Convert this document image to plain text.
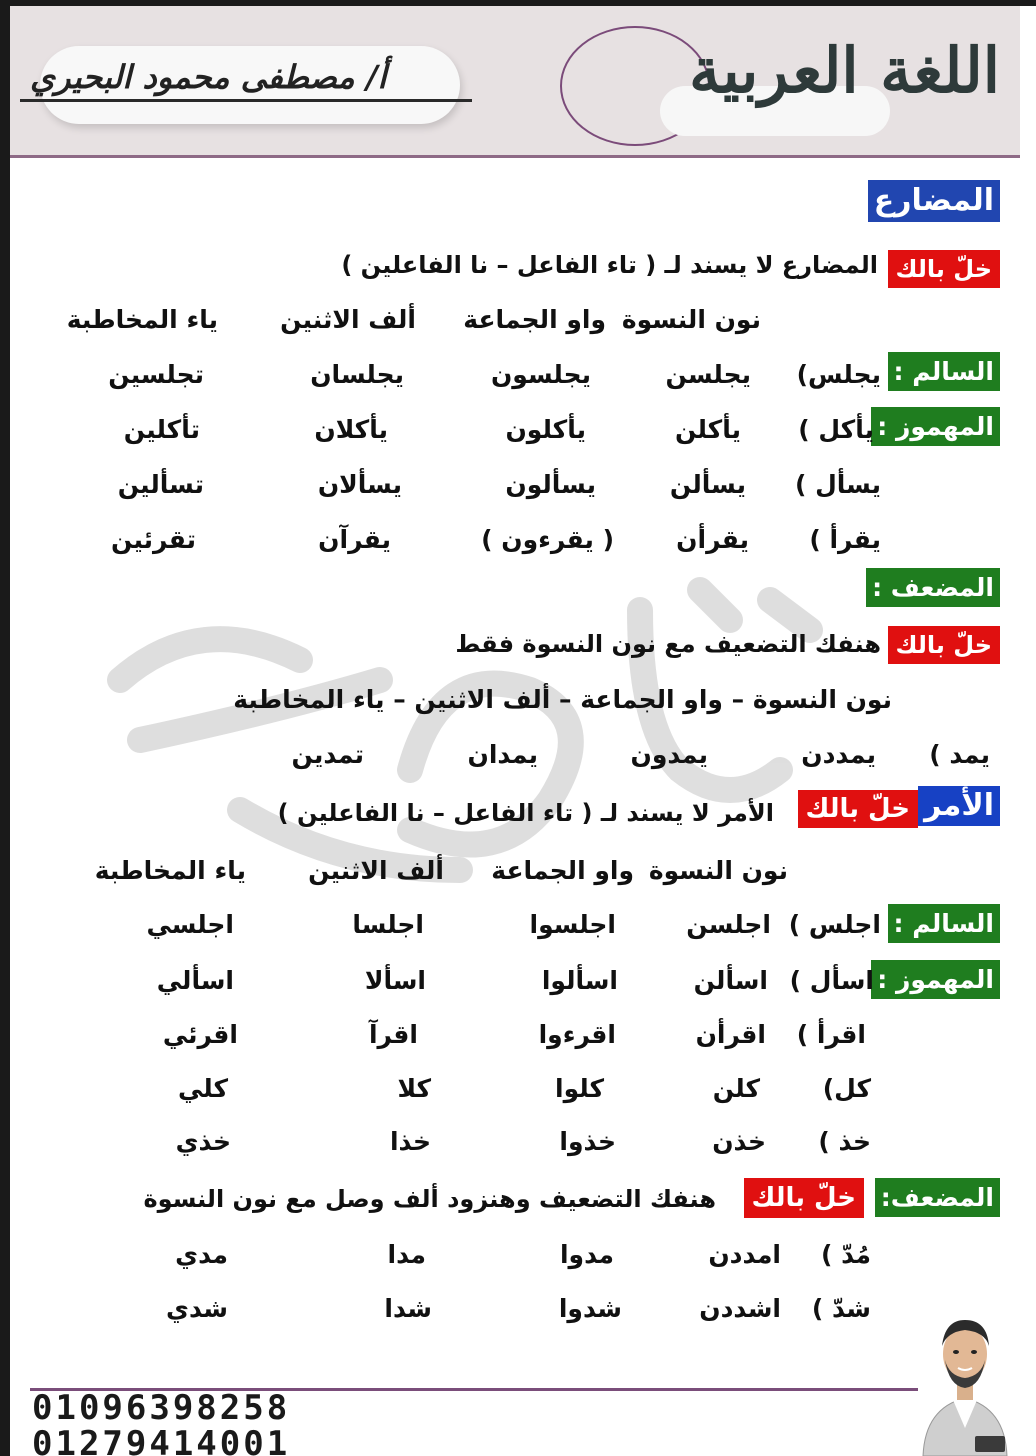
اللغة العربية
أ/ مصطفى محمود البحيري
المضارع
خلّ بالك
المضارع لا يسند لـ ( تاء الفاعل – نا الفاعلين )
نون النسوة
واو الجماعة
ألف الاثنين
ياء المخاطبة
السالم :
يجلس)
يجلسن
يجلسون
يجلسان
تجلسين
المهموز :
يأكل )
يأكلن
يأكلون
يأكلان
تأكلين
يسأل )
يسألن
يسألون
يسألان
تسألين
يقرأ )
يقرأن
( يقرءون )
يقرآن
تقرئين
المضعف :
خلّ بالك
هنفك التضعيف مع نون النسوة فقط
نون النسوة – واو الجماعة – ألف الاثنين – ياء المخاطبة
يمد )
يمددن
يمدون
يمدان
تمدين
الأمر
خلّ بالك
الأمر لا يسند لـ ( تاء الفاعل – نا الفاعلين )
نون النسوة
واو الجماعة
ألف الاثنين
ياء المخاطبة
السالم :
اجلس )
اجلسن
اجلسوا
اجلسا
اجلسي
المهموز :
اسأل )
اسألن
اسألوا
اسألا
اسألي
اقرأ )
اقرأن
اقرءوا
اقرآ
اقرئي
كل)
كلن
كلوا
كلا
كلي
خذ )
خذن
خذوا
خذا
خذي
المضعف:
خلّ بالك
هنفك التضعيف وهنزود ألف وصل مع نون النسوة
مُدّ )
امددن
مدوا
مدا
مدي
شدّ )
اشددن
شدوا
شدا
شدي
01096398258
01279414001
